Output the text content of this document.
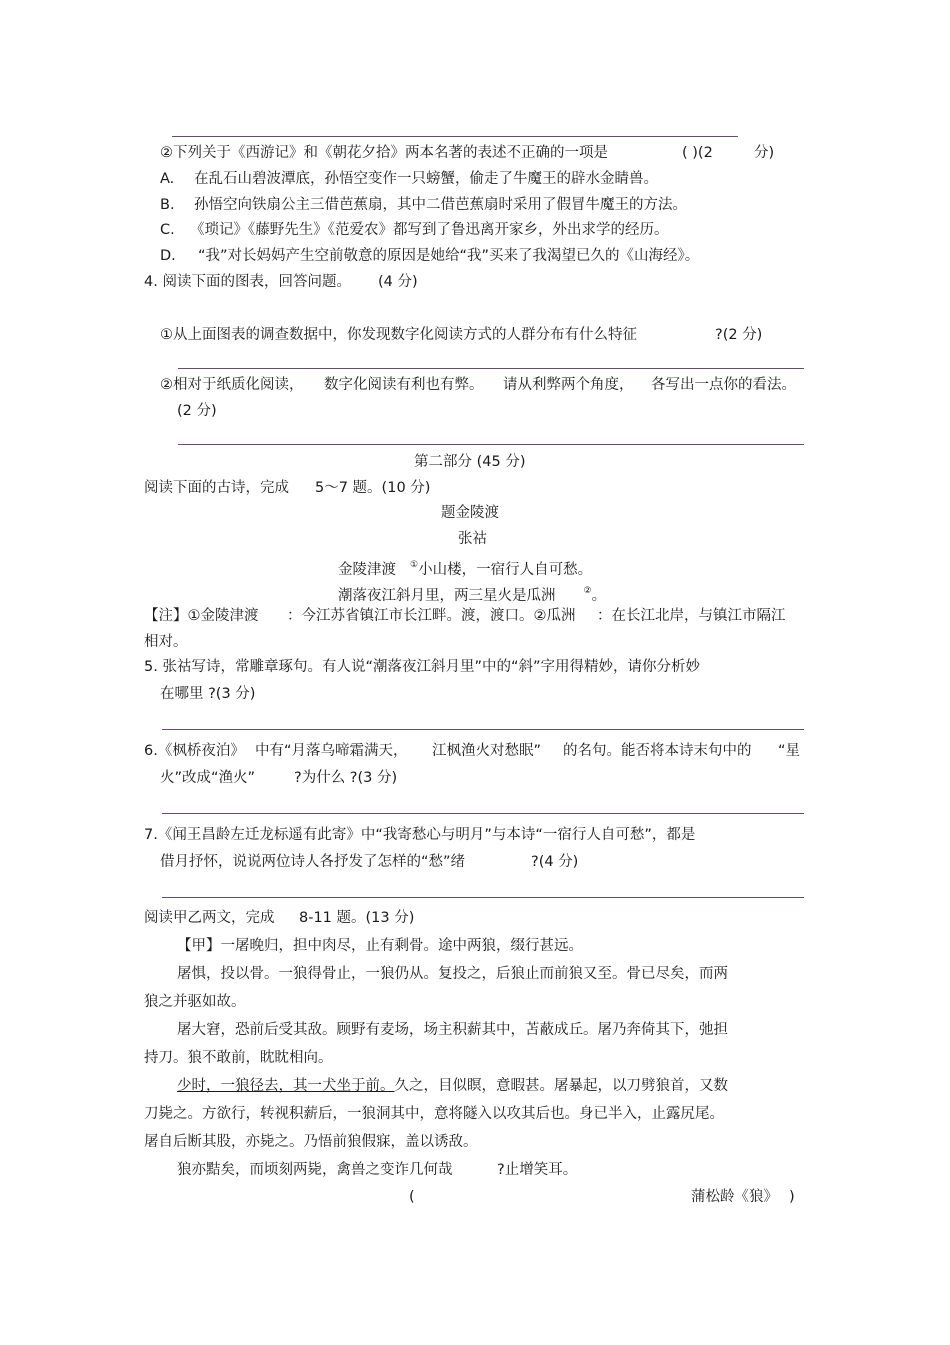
②下列关于《西游记》和《朝花夕拾》两本名著的表述不正确的一项是	( )(2	分)
A. 在乱石山碧波潭底，孙悟空变作一只螃蟹，偷走了牛魔王的辟水金睛兽。
B. 孙悟空向铁扇公主三借芭蕉扇，其中二借芭蕉扇时采用了假冒牛魔王的方法。
C. 《琐记》《藤野先生》《范爱农》都写到了鲁迅离开家乡，外出求学的经历。
D. “我”对长妈妈产生空前敬意的原因是她给“我”买来了我渴望已久的《山海经》。
4. 阅读下面的图表，回答问题。 (4 分)
①从上面图表的调查数据中，你发现数字化阅读方式的人群分布有什么特征	?(2 分)
②相对于纸质化阅读， 数字化阅读有利也有弊。 请从利弊两个角度， 各写出一点你的看法。
(2 分)
第二部分 (45 分)
阅读下面的古诗，完成 5～7 题。(10 分)
题金陵渡
张祜
金陵津渡 ①小山楼，一宿行人自可愁。
潮落夜江斜月里，两三星火是瓜洲	②。
【注】①金陵津渡 ：今江苏省镇江市长江畔。渡，渡口。②瓜洲 ：在长江北岸，与镇江市隔江
相对。
5. 张祜写诗，常雕章琢句。有人说“潮落夜江斜月里”中的“斜”字用得精妙，请你分析妙
在哪里 ?(3 分)
6.《枫桥夜泊》 中有“月落乌啼霜满天， 江枫渔火对愁眠” 的名句。能否将本诗末句中的 “星
火”改成“渔火”	?为什么 ?(3 分)
7.《闻王昌龄左迁龙标遥有此寄》中“我寄愁心与明月”与本诗“一宿行人自可愁”，都是
借月抒怀，说说两位诗人各抒发了怎样的“愁”绪	?(4 分)
阅读甲乙两文，完成 8-11 题。(13 分)
【甲】一屠晚归，担中肉尽，止有剩骨。途中两狼，缀行甚远。
屠惧，投以骨。一狼得骨止，一狼仍从。复投之，后狼止而前狼又至。骨已尽矣，而两
狼之并驱如故。
屠大窘，恐前后受其敌。顾野有麦场，场主积薪其中，苫蔽成丘。屠乃奔倚其下，弛担
持刀。狼不敢前，眈眈相向。
少时，一狼径去，其一犬坐于前。久之，目似瞑，意暇甚。屠暴起，以刀劈狼首，又数
刀毙之。方欲行，转视积薪后，一狼洞其中，意将隧入以攻其后也。身已半入，止露尻尾。
屠自后断其股，亦毙之。乃悟前狼假寐，盖以诱敌。
狼亦黠矣，而顷刻两毙，禽兽之变诈几何哉	?止增笑耳。
(	蒲松龄《狼》 )
